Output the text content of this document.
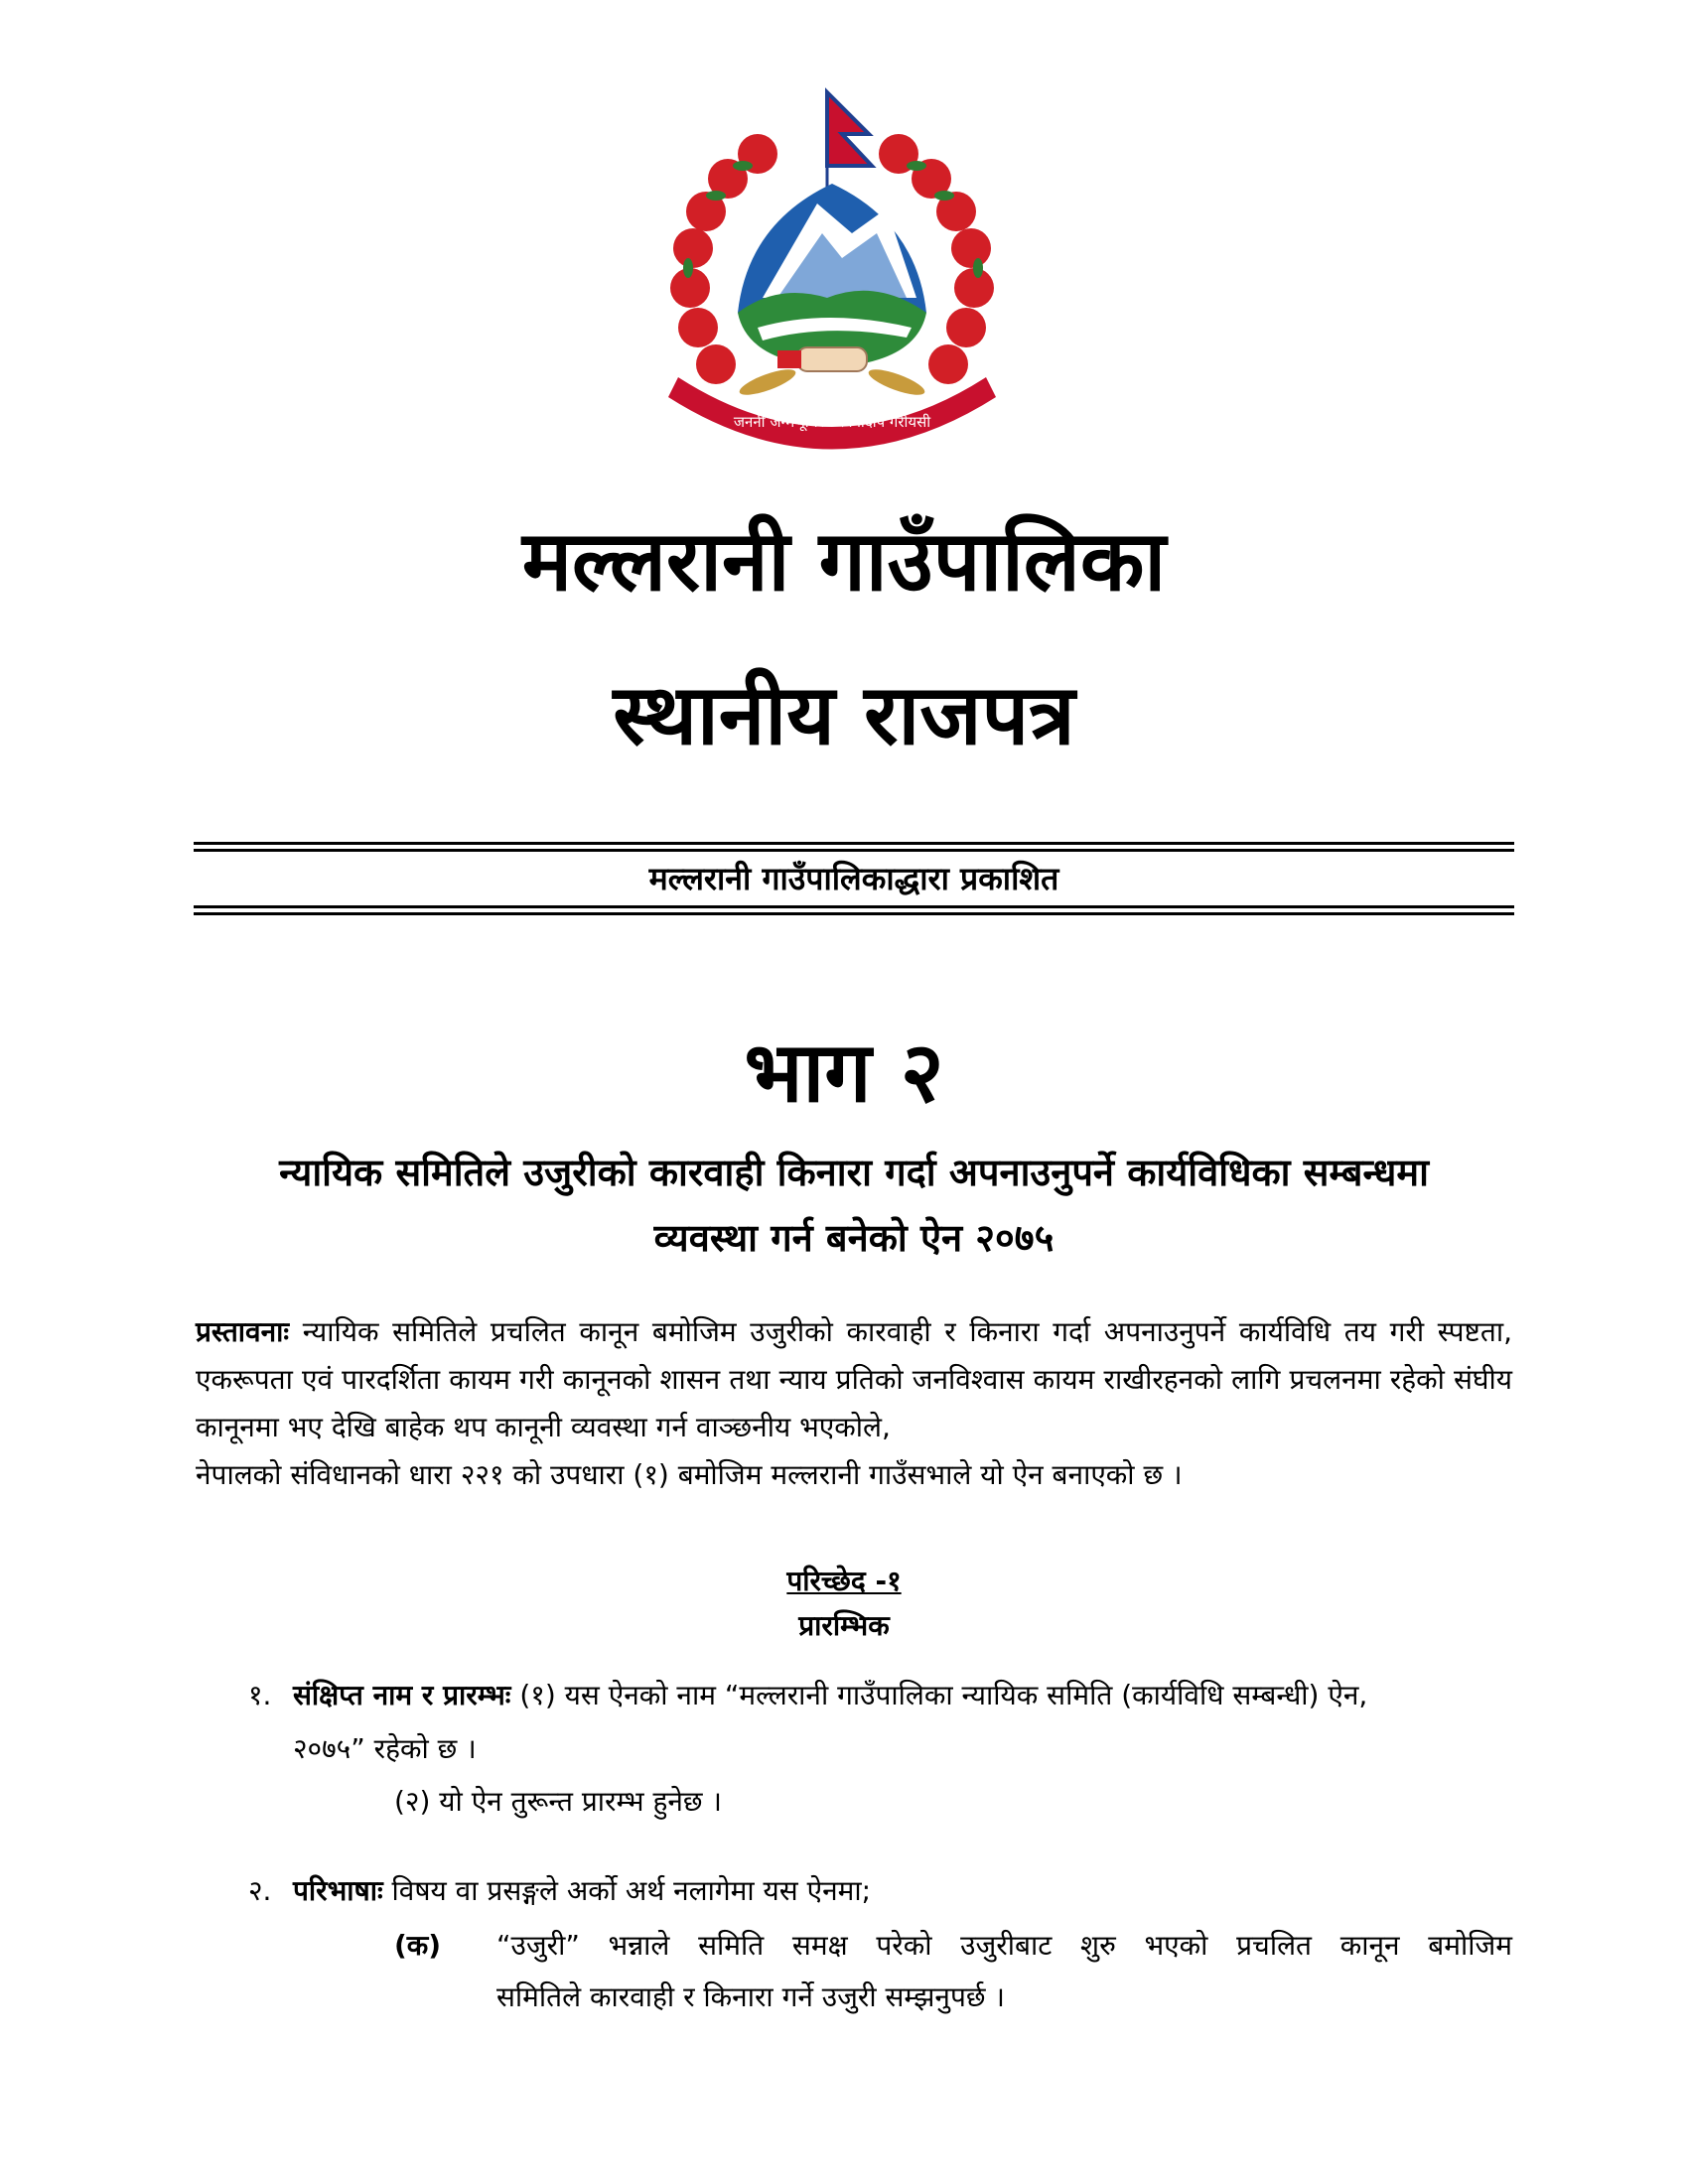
जननी जन्मभूमिश्च स्वर्गादपि गरीयसी
मल्लरानी गाउँपालिका
स्थानीय राजपत्र
मल्लरानी गाउँपालिकाद्धारा प्रकाशित
भाग २
न्यायिक समितिले उजुरीको कारवाही किनारा गर्दा अपनाउनुपर्ने कार्यविधिका सम्बन्धमा
व्यवस्था गर्न बनेको ऐन २०७५
प्रस्तावनाः न्यायिक समितिले प्रचलित कानून बमोजिम उजुरीको कारवाही र किनारा गर्दा अपनाउनुपर्ने कार्यविधि तय गरी स्पष्टता, एकरूपता एवं पारदर्शिता कायम गरी कानूनको शासन तथा न्याय प्रतिको जनविश्वास कायम राखीरहनको लागि प्रचलनमा रहेको संघीय कानूनमा भए देखि बाहेक थप कानूनी व्यवस्था गर्न वाञ्छनीय भएकोले,
नेपालको संविधानको धारा २२१ को उपधारा (१) बमोजिम मल्लरानी गाउँसभाले यो ऐन बनाएको छ ।
परिच्छेद -१
प्रारम्भिक
१. संक्षिप्त नाम र प्रारम्भः (१) यस ऐनको नाम “मल्लरानी गाउँपालिका न्यायिक समिति (कार्यविधि सम्बन्धी) ऐन,
२०७५” रहेको छ ।
(२) यो ऐन तुरून्त प्रारम्भ हुनेछ ।
२. परिभाषाः विषय वा प्रसङ्गले अर्को अर्थ नलागेमा यस ऐनमा;
(क) “उजुरी” भन्नाले समिति समक्ष परेको उजुरीबाट शुरु भएको प्रचलित कानून बमोजिम
समितिले कारवाही र किनारा गर्ने उजुरी सम्झनुपर्छ ।
